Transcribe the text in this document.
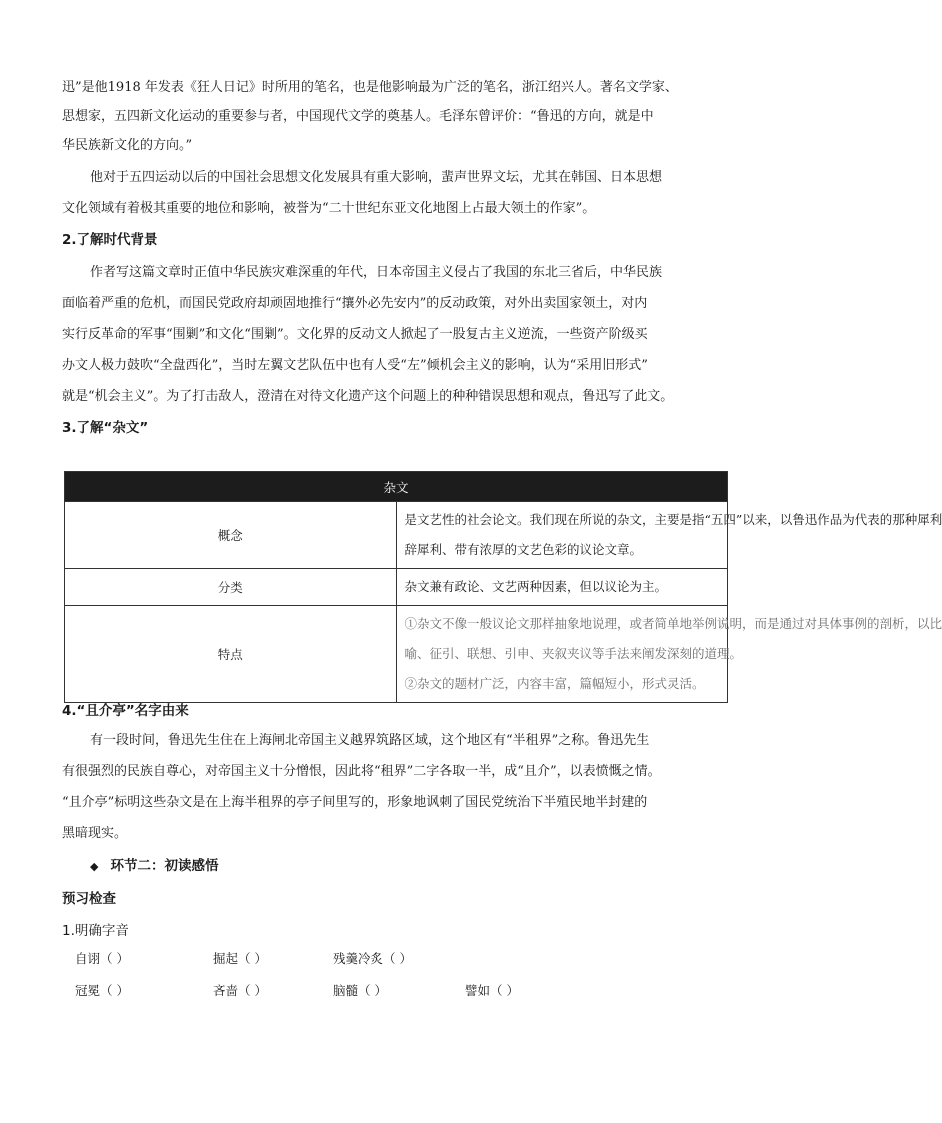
迅”是他1918 年发表《狂人日记》时所用的笔名，也是他影响最为广泛的笔名，浙江绍兴人。著名文学家、
思想家，五四新文化运动的重要参与者，中国现代文学的奠基人。毛泽东曾评价：“鲁迅的方向，就是中
华民族新文化的方向。”
他对于五四运动以后的中国社会思想文化发展具有重大影响，蜚声世界文坛，尤其在韩国、日本思想
文化领域有着极其重要的地位和影响，被誉为“二十世纪东亚文化地图上占最大领土的作家”。
2.了解时代背景
作者写这篇文章时正值中华民族灾难深重的年代，日本帝国主义侵占了我国的东北三省后，中华民族
面临着严重的危机，而国民党政府却顽固地推行“攘外必先安内”的反动政策，对外出卖国家领土，对内
实行反革命的军事“围剿”和文化“围剿”。文化界的反动文人掀起了一股复古主义逆流，一些资产阶级买
办文人极力鼓吹“全盘西化”，当时左翼文艺队伍中也有人受“左”倾机会主义的影响，认为“采用旧形式”
就是“机会主义”。为了打击敌人，澄清在对待文化遗产这个问题上的种种错误思想和观点，鲁迅写了此文。
3.了解“杂文”
杂文	
概念	是文艺性的社会论文。我们现在所说的杂文，主要是指“五四”以来，以鲁迅作品为代表的那种犀利
辞犀利、带有浓厚的文艺色彩的议论文章。

分类	杂文兼有政论、文艺两种因素，但以议论为主。

特点	①杂文不像一般议论文那样抽象地说理，或者简单地举例说明，而是通过对具体事例的剖析，以比
喻、征引、联想、引申、夹叙夹议等手法来阐发深刻的道理。
②杂文的题材广泛，内容丰富，篇幅短小，形式灵活。
4.“且介亭”名字由来
有一段时间，鲁迅先生住在上海闸北帝国主义越界筑路区域，这个地区有“半租界”之称。鲁迅先生
有很强烈的民族自尊心，对帝国主义十分憎恨，因此将“租界”二字各取一半，成“且介”，以表愤慨之情。
“且介亭”标明这些杂文是在上海半租界的亭子间里写的，形象地讽刺了国民党统治下半殖民地半封建的
黑暗现实。
◆ 环节二：初读感悟
预习检查
1.明确字音
自诩（ ）	掘起（ ）	残羹冷炙（ ）
冠冕（ ）	吝啬（ ）	脑髓（ ）	譬如（ ）
